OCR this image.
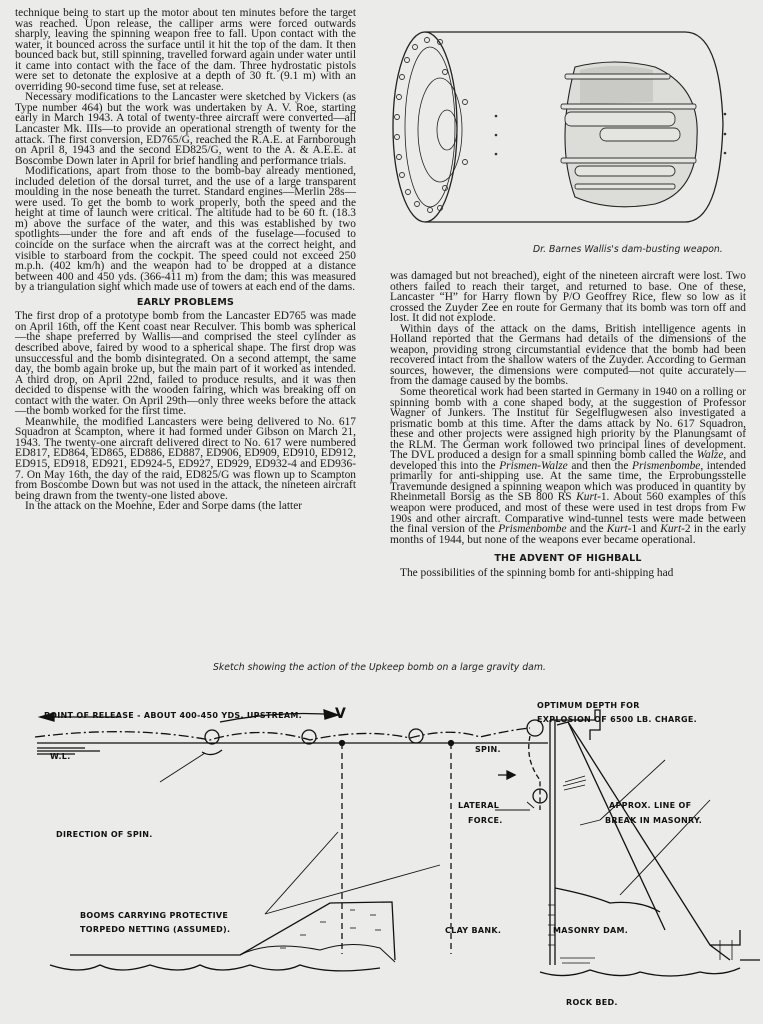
technique being to start up the motor about ten minutes before the target was reached. Upon release, the calliper arms were forced outwards sharply, leaving the spinning weapon free to fall. Upon contact with the water, it bounced across the surface until it hit the top of the dam. It then bounced back but, still spinning, travelled forward again under water until it came into contact with the face of the dam. Three hydrostatic pistols were set to detonate the explosive at a depth of 30 ft. (9.1 m) with an overriding 90-second time fuse, set at release.

Necessary modifications to the Lancaster were sketched by Vickers (as Type number 464) but the work was undertaken by A. V. Roe, starting early in March 1943. A total of twenty-three aircraft were converted—all Lancaster Mk. IIIs—to provide an operational strength of twenty for the attack. The first conversion, ED765/G, reached the R.A.E. at Farnborough on April 8, 1943 and the second ED825/G, went to the A. & A.E.E. at Boscombe Down later in April for brief handling and performance trials.

Modifications, apart from those to the bomb-bay already mentioned, included deletion of the dorsal turret, and the use of a large transparent moulding in the nose beneath the turret. Standard engines—Merlin 28s—were used. To get the bomb to work properly, both the speed and the height at time of launch were critical. The altitude had to be 60 ft. (18.3 m) above the surface of the water, and this was established by two spotlights—under the fore and aft ends of the fuselage—focused to coincide on the surface when the aircraft was at the correct height, and visible to starboard from the cockpit. The speed could not exceed 250 m.p.h. (402 km/h) and the weapon had to be dropped at a distance between 400 and 450 yds. (366-411 m) from the dam; this was measured by a triangulation sight which made use of towers at each end of the dams.

EARLY PROBLEMS

The first drop of a prototype bomb from the Lancaster ED765 was made on April 16th, off the Kent coast near Reculver. This bomb was spherical—the shape preferred by Wallis—and comprised the steel cylinder as described above, faired by wood to a spherical shape. The first drop was unsuccessful and the bomb disintegrated. On a second attempt, the same day, the bomb again broke up, but the main part of it worked as intended. A third drop, on April 22nd, failed to produce results, and it was then decided to dispense with the wooden fairing, which was breaking off on contact with the water. On April 29th—only three weeks before the attack—the bomb worked for the first time.

Meanwhile, the modified Lancasters were being delivered to No. 617 Squadron at Scampton, where it had formed under Gibson on March 21, 1943. The twenty-one aircraft delivered direct to No. 617 were numbered ED817, ED864, ED865, ED886, ED887, ED906, ED909, ED910, ED912, ED915, ED918, ED921, ED924-5, ED927, ED929, ED932-4 and ED936-7. On May 16th, the day of the raid, ED825/G was flown up to Scampton from Boscombe Down but was not used in the attack, the nineteen aircraft being drawn from the twenty-one listed above.

In the attack on the Moehne, Eder and Sorpe dams (the latter

Dr. Barnes Wallis's dam-busting weapon.

was damaged but not breached), eight of the nineteen aircraft were lost. Two others failed to reach their target, and returned to base. One of these, Lancaster “H” for Harry flown by P/O Geoffrey Rice, flew so low as it crossed the Zuyder Zee en route for Germany that its bomb was torn off and lost. It did not explode.

Within days of the attack on the dams, British intelligence agents in Holland reported that the Germans had details of the dimensions of the weapon, providing strong circumstantial evidence that the bomb had been recovered intact from the shallow waters of the Zuyder. According to German sources, however, the dimensions were computed—not quite accurately—from the damage caused by the bombs.

Some theoretical work had been started in Germany in 1940 on a rolling or spinning bomb with a cone shaped body, at the suggestion of Professor Wagner of Junkers. The Institut für Segelflugwesen also investigated a prismatic bomb at this time. After the dams attack by No. 617 Squadron, these and other projects were assigned high priority by the Planungsamt of the RLM. The German work followed two principal lines of development. The DVL produced a design for a small spinning bomb called the Walze, and developed this into the Prismen-Walze and then the Prismenbombe, intended primarily for anti-shipping use. At the same time, the Erprobungsstelle Travemunde designed a spinning weapon which was produced in quantity by Rheinmetall Borsig as the SB 800 RS Kurt-1. About 560 examples of this weapon were produced, and most of these were used in test drops from Fw 190s and other aircraft. Comparative wind-tunnel tests were made between the final version of the Prismenbombe and the Kurt-1 and Kurt-2 in the early months of 1944, but none of the weapons ever became operational.

THE ADVENT OF HIGHBALL

The possibilities of the spinning bomb for anti-shipping had

Sketch showing the action of the Upkeep bomb on a large gravity dam.
POINT OF RELEASE - ABOUT 400-450 YDS. UPSTREAM. V
W.L.
DIRECTION OF SPIN.
SPIN.
LATERAL
FORCE.
OPTIMUM DEPTH FOR
EXPLOSION OF 6500 LB. CHARGE.
APPROX. LINE OF
BREAK IN MASONRY.
BOOMS CARRYING PROTECTIVE
TORPEDO NETTING (ASSUMED).	CLAY BANK.	MASONRY DAM.
ROCK BED.
